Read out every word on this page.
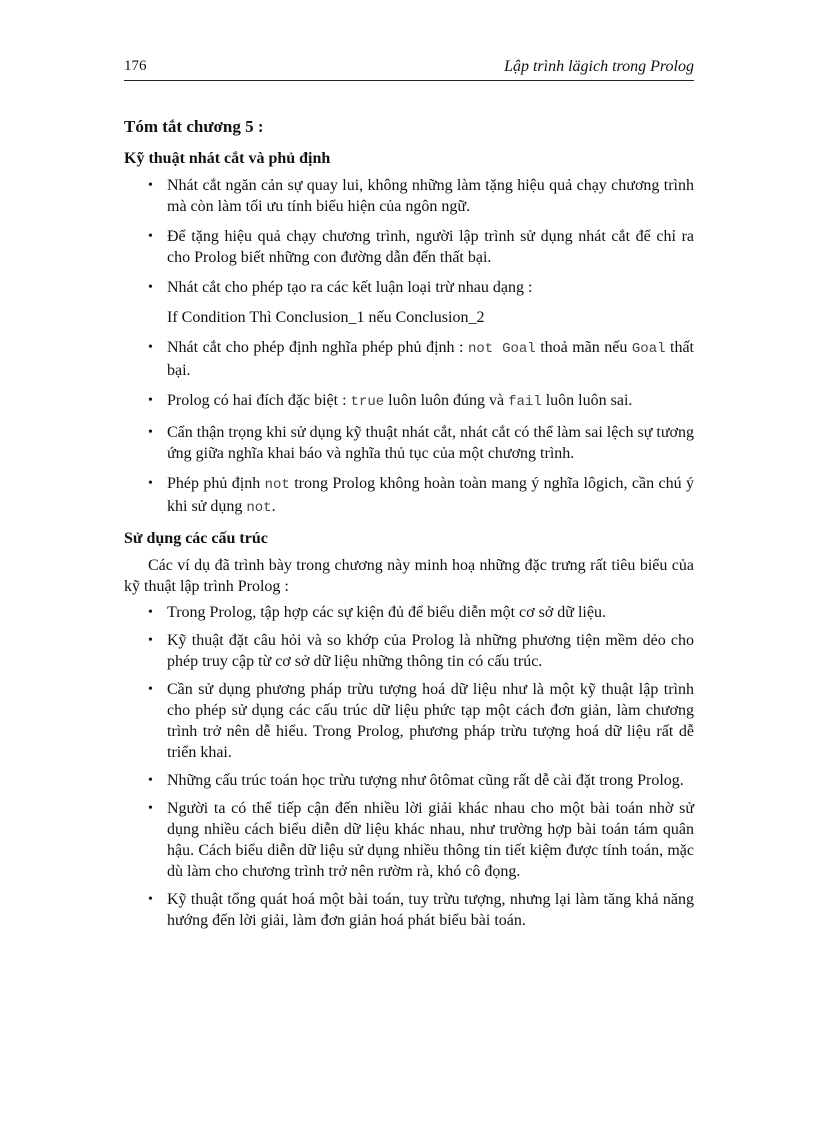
176	Lập trình lägich trong Prolog
Tóm tắt chương 5 :
Kỹ thuật nhát cắt và phủ định
• Nhát cắt ngăn cản sự quay lui, không những làm tặng hiệu quả chạy chương trình mà còn làm tối ưu tính biểu hiện của ngôn ngữ.
• Để tặng hiệu quả chạy chương trình, người lập trình sử dụng nhát cắt để chỉ ra cho Prolog biết những con đường dẫn đến thất bại.
• Nhát cắt cho phép tạo ra các kết luận loại trừ nhau dạng :

If Condition Thì Conclusion_1 nếu Conclusion_2

• Nhát cắt cho phép định nghĩa phép phủ định : not Goal thoả mãn nếu Goal thất bại.
• Prolog có hai đích đặc biệt : true luôn luôn đúng và fail luôn luôn sai.
• Cẩn thận trọng khi sử dụng kỹ thuật nhát cắt, nhát cắt có thể làm sai lệch sự tương ứng giữa nghĩa khai báo và nghĩa thủ tục của một chương trình.
• Phép phủ định not trong Prolog không hoàn toàn mang ý nghĩa lôgich, cần chú ý khi sử dụng not.
Sử dụng các cấu trúc

Các ví dụ đã trình bày trong chương này minh hoạ những đặc trưng rất tiêu biểu của kỹ thuật lập trình Prolog :

• Trong Prolog, tập hợp các sự kiện đủ để biểu diễn một cơ sở dữ liệu.
• Kỹ thuật đặt câu hỏi và so khớp của Prolog là những phương tiện mềm dẻo cho phép truy cập từ cơ sở dữ liệu những thông tin có cấu trúc.
• Cần sử dụng phương pháp trừu tượng hoá dữ liệu như là một kỹ thuật lập trình cho phép sử dụng các cấu trúc dữ liệu phức tạp một cách đơn giản, làm chương trình trở nên dễ hiểu. Trong Prolog, phương pháp trừu tượng hoá dữ liệu rất dễ triển khai.
• Những cấu trúc toán học trừu tượng như ôtômat cũng rất dễ cài đặt trong Prolog.
• Người ta có thể tiếp cận đến nhiều lời giải khác nhau cho một bài toán nhờ sử dụng nhiều cách biểu diễn dữ liệu khác nhau, như trường hợp bài toán tám quân hậu. Cách biểu diễn dữ liệu sử dụng nhiều thông tin tiết kiệm được tính toán, mặc dù làm cho chương trình trở nên rườm rà, khó cô đọng.
• Kỹ thuật tổng quát hoá một bài toán, tuy trừu tượng, nhưng lại làm tăng khả năng hướng đến lời giải, làm đơn giản hoá phát biểu bài toán.
